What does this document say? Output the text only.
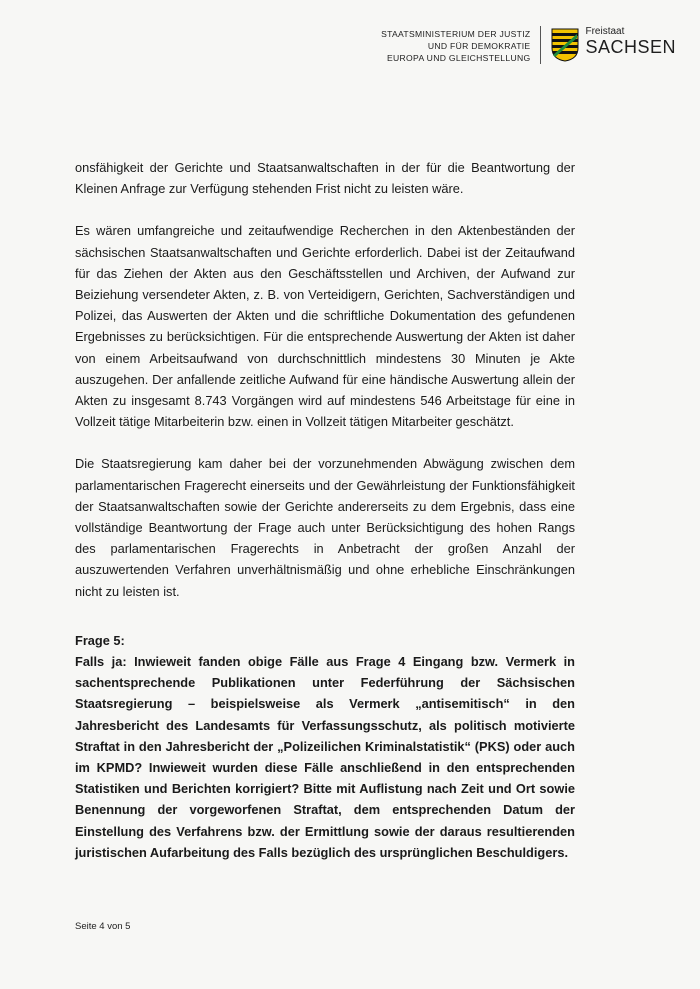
STAATSMINISTERIUM DER JUSTIZ
UND FÜR DEMOKRATIE
EUROPA UND GLEICHSTELLUNG
Freistaat
SACHSEN

onsfähigkeit der Gerichte und Staatsanwaltschaften in der für die Beantwortung der Kleinen Anfrage zur Verfügung stehenden Frist nicht zu leisten wäre.

Es wären umfangreiche und zeitaufwendige Recherchen in den Aktenbeständen der sächsischen Staatsanwaltschaften und Gerichte erforderlich. Dabei ist der Zeitaufwand für das Ziehen der Akten aus den Geschäftsstellen und Archiven, der Aufwand zur Beiziehung versendeter Akten, z. B. von Verteidigern, Gerichten, Sachverständigen und Polizei, das Auswerten der Akten und die schriftliche Dokumentation des gefundenen Ergebnisses zu berücksichtigen. Für die entsprechende Auswertung der Akten ist daher von einem Arbeitsaufwand von durchschnittlich mindestens 30 Minuten je Akte auszugehen. Der anfallende zeitliche Aufwand für eine händische Auswertung allein der Akten zu insgesamt 8.743 Vorgängen wird auf mindestens 546 Arbeitstage für eine in Vollzeit tätige Mitarbeiterin bzw. einen in Vollzeit tätigen Mitarbeiter geschätzt.

Die Staatsregierung kam daher bei der vorzunehmenden Abwägung zwischen dem parlamentarischen Fragerecht einerseits und der Gewährleistung der Funktionsfähigkeit der Staatsanwaltschaften sowie der Gerichte andererseits zu dem Ergebnis, dass eine vollständige Beantwortung der Frage auch unter Berücksichtigung des hohen Rangs des parlamentarischen Fragerechts in Anbetracht der großen Anzahl der auszuwertenden Verfahren unverhältnismäßig und ohne erhebliche Einschränkungen nicht zu leisten ist.

Frage 5:

Falls ja: Inwieweit fanden obige Fälle aus Frage 4 Eingang bzw. Vermerk in sachentsprechende Publikationen unter Federführung der Sächsischen Staatsregierung – beispielsweise als Vermerk „antisemitisch“ in den Jahresbericht des Landesamts für Verfassungsschutz, als politisch motivierte Straftat in den Jahresbericht der „Polizeilichen Kriminalstatistik“ (PKS) oder auch im KPMD? Inwieweit wurden diese Fälle anschließend in den entsprechenden Statistiken und Berichten korrigiert? Bitte mit Auflistung nach Zeit und Ort sowie Benennung der vorgeworfenen Straftat, dem entsprechenden Datum der Einstellung des Verfahrens bzw. der Ermittlung sowie der daraus resultierenden juristischen Aufarbeitung des Falls bezüglich des ursprünglichen Beschuldigers.

Seite 4 von 5
